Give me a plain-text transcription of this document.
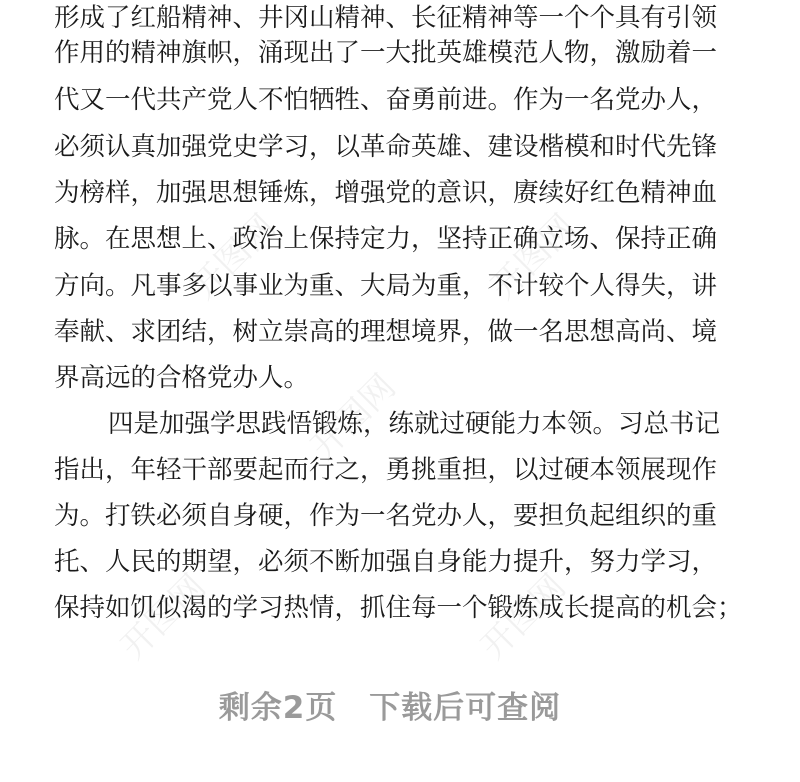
开图网	开图网
开图网
开图网	开图网
形成了红船精神、井冈山精神、长征精神等一个个具有引领
作用的精神旗帜，涌现出了一大批英雄模范人物，激励着一
代又一代共产党人不怕牺牲、奋勇前进。作为一名党办人，
必须认真加强党史学习，以革命英雄、建设楷模和时代先锋
为榜样，加强思想锤炼，增强党的意识，赓续好红色精神血
脉。在思想上、政治上保持定力，坚持正确立场、保持正确
方向。凡事多以事业为重、大局为重，不计较个人得失，讲
奉献、求团结，树立崇高的理想境界，做一名思想高尚、境
界高远的合格党办人。
四是加强学思践悟锻炼，练就过硬能力本领。习总书记
指出，年轻干部要起而行之，勇挑重担，以过硬本领展现作
为。打铁必须自身硬，作为一名党办人，要担负起组织的重
托、人民的期望，必须不断加强自身能力提升，努力学习，
保持如饥似渴的学习热情，抓住每一个锻炼成长提高的机会；
剩余2页 下载后可查阅
